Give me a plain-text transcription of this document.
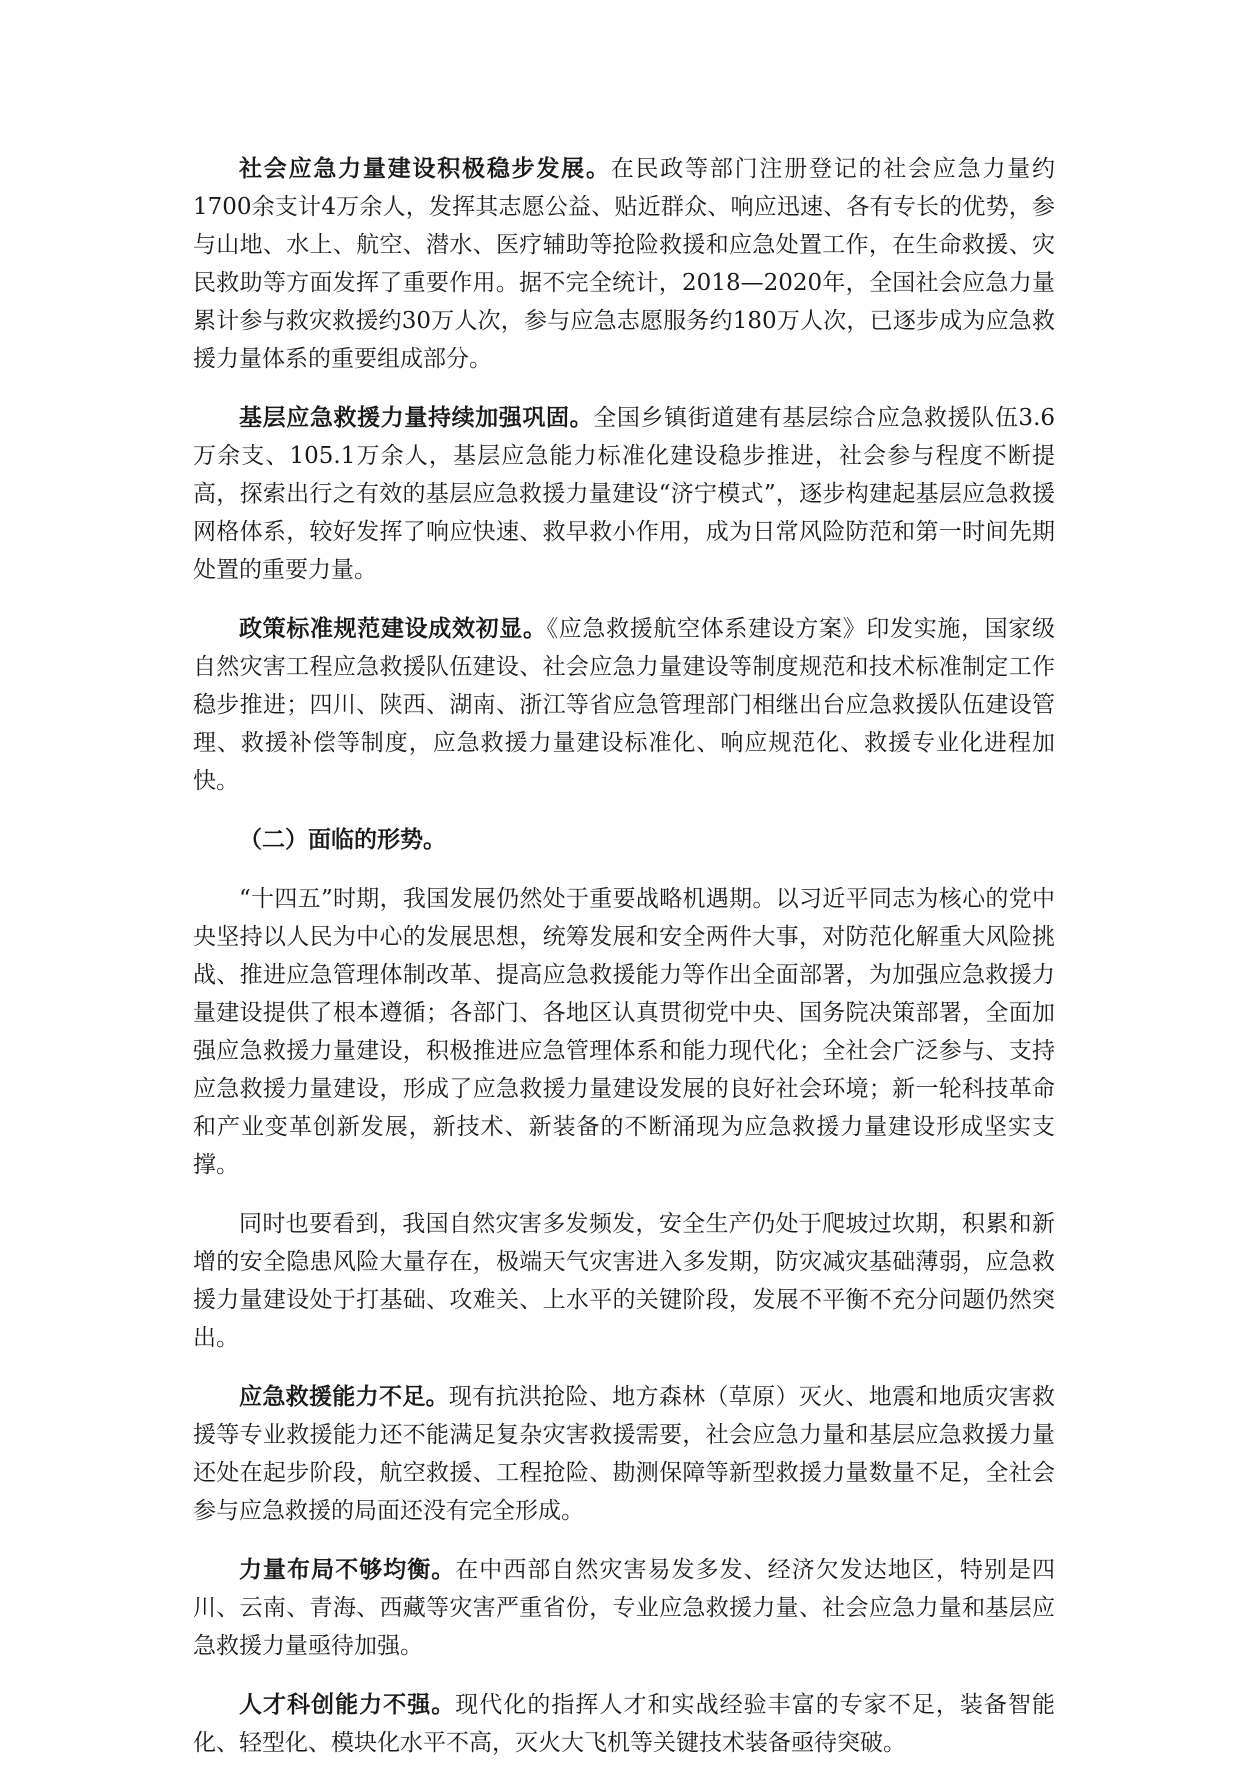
社会应急力量建设积极稳步发展。在民政等部门注册登记的社会应急力量约1700余支计4万余人，发挥其志愿公益、贴近群众、响应迅速、各有专长的优势，参与山地、水上、航空、潜水、医疗辅助等抢险救援和应急处置工作，在生命救援、灾民救助等方面发挥了重要作用。据不完全统计，2018—2020年，全国社会应急力量累计参与救灾救援约30万人次，参与应急志愿服务约180万人次，已逐步成为应急救援力量体系的重要组成部分。

基层应急救援力量持续加强巩固。全国乡镇街道建有基层综合应急救援队伍3.6万余支、105.1万余人，基层应急能力标准化建设稳步推进，社会参与程度不断提高，探索出行之有效的基层应急救援力量建设“济宁模式”，逐步构建起基层应急救援网格体系，较好发挥了响应快速、救早救小作用，成为日常风险防范和第一时间先期处置的重要力量。

政策标准规范建设成效初显。《应急救援航空体系建设方案》印发实施，国家级自然灾害工程应急救援队伍建设、社会应急力量建设等制度规范和技术标准制定工作稳步推进；四川、陕西、湖南、浙江等省应急管理部门相继出台应急救援队伍建设管理、救援补偿等制度，应急救援力量建设标准化、响应规范化、救援专业化进程加快。

（二）面临的形势。

“十四五”时期，我国发展仍然处于重要战略机遇期。以习近平同志为核心的党中央坚持以人民为中心的发展思想，统筹发展和安全两件大事，对防范化解重大风险挑战、推进应急管理体制改革、提高应急救援能力等作出全面部署，为加强应急救援力量建设提供了根本遵循；各部门、各地区认真贯彻党中央、国务院决策部署，全面加强应急救援力量建设，积极推进应急管理体系和能力现代化；全社会广泛参与、支持应急救援力量建设，形成了应急救援力量建设发展的良好社会环境；新一轮科技革命和产业变革创新发展，新技术、新装备的不断涌现为应急救援力量建设形成坚实支撑。

同时也要看到，我国自然灾害多发频发，安全生产仍处于爬坡过坎期，积累和新增的安全隐患风险大量存在，极端天气灾害进入多发期，防灾减灾基础薄弱，应急救援力量建设处于打基础、攻难关、上水平的关键阶段，发展不平衡不充分问题仍然突出。

应急救援能力不足。现有抗洪抢险、地方森林（草原）灭火、地震和地质灾害救援等专业救援能力还不能满足复杂灾害救援需要，社会应急力量和基层应急救援力量还处在起步阶段，航空救援、工程抢险、勘测保障等新型救援力量数量不足，全社会参与应急救援的局面还没有完全形成。

力量布局不够均衡。在中西部自然灾害易发多发、经济欠发达地区，特别是四川、云南、青海、西藏等灾害严重省份，专业应急救援力量、社会应急力量和基层应急救援力量亟待加强。

人才科创能力不强。现代化的指挥人才和实战经验丰富的专家不足，装备智能化、轻型化、模块化水平不高，灭火大飞机等关键技术装备亟待突破。
